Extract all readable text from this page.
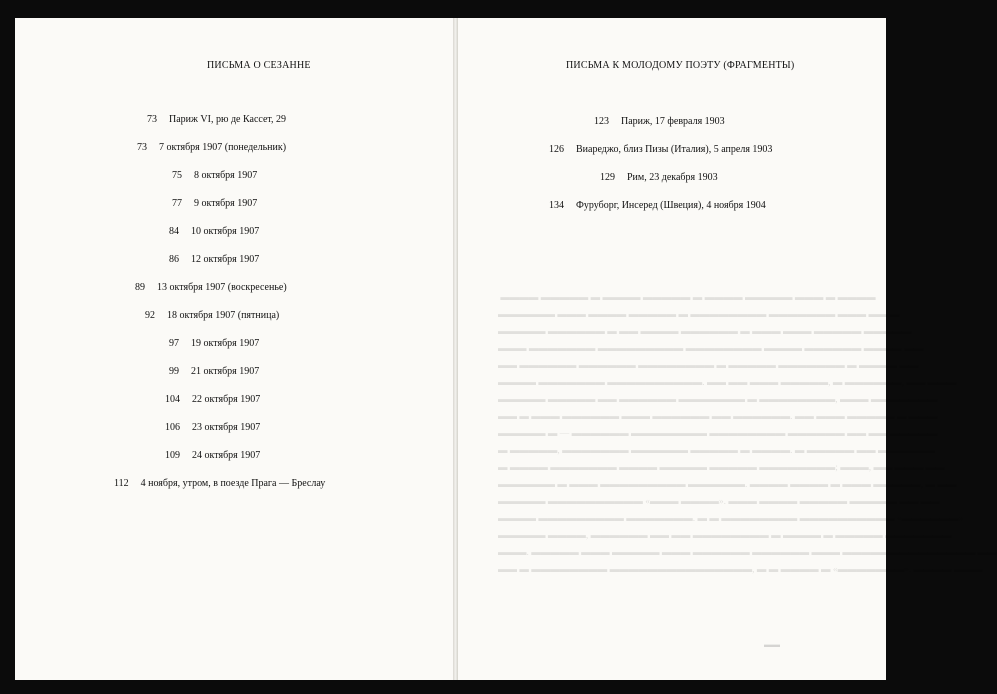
ПИСЬМА О СЕЗАННЕ
73 Париж VI, рю де Кассет, 29
73 7 октября 1907 (понедельник)
75 8 октября 1907
77 9 октября 1907
84 10 октября 1907
86 12 октября 1907
89 13 октября 1907 (воскресенье)
92 18 октября 1907 (пятница)
97 19 октября 1907
99 21 октября 1907
104 22 октября 1907
106 23 октября 1907
109 24 октября 1907
112 4 ноября, утром, в поезде Прага — Бреслау
ПИСЬМА К МОЛОДОМУ ПОЭТУ (ФРАГМЕНТЫ)
123 Париж, 17 февраля 1903
126 Виареджо, близ Пизы (Италия), 5 апреля 1903
129 Рим, 23 декабря 1903
134 Фуруборг, Инсеред (Швеция), 4 ноября 1904
▬▬▬▬ ▬▬▬▬▬ ▬ ▬▬▬▬ ▬▬▬▬▬ ▬ ▬▬▬▬ ▬▬▬▬▬ ▬▬▬ ▬ ▬▬▬▬
▬▬▬▬▬▬ ▬▬▬ ▬▬▬▬ ▬▬▬▬▬ ▬ ▬▬▬▬▬▬▬▬ ▬▬▬▬▬▬▬ ▬▬▬ ▬▬ ▬
▬▬▬▬▬ ▬▬▬▬▬▬ ▬ ▬▬ ▬▬▬▬ ▬▬▬▬▬▬ ▬ ▬▬▬ ▬▬▬ ▬▬▬▬▬ ▬▬▬▬▬
▬▬▬ ▬▬▬▬▬▬▬ ▬▬▬▬▬▬▬▬▬ ▬▬▬▬▬▬▬▬ ▬▬▬▬ ▬▬▬▬▬▬ ▬▬▬▬ ▬▬
▬▬ ▬▬▬▬▬▬ ▬▬▬▬▬▬ ▬▬▬▬▬▬▬▬ ▬ ▬▬▬▬▬ ▬▬▬▬▬▬▬ ▬ ▬▬▬▬ ▬▬
▬▬▬▬ ▬▬▬▬▬▬▬ ▬▬▬▬▬▬▬▬▬▬. ▬▬ ▬▬ ▬▬▬ ▬▬▬▬▬, ▬ ▬▬▬▬▬▬, ▬▬ ▬▬▬
▬▬▬▬▬ ▬▬▬▬▬ ▬▬ ▬▬▬▬▬▬ ▬▬▬▬▬▬▬ ▬ ▬▬▬▬▬▬▬▬, ▬▬▬ ▬▬▬▬▬▬▬
▬▬ ▬ ▬▬▬ ▬▬▬▬▬▬ ▬▬▬ ▬▬▬▬▬▬ ▬▬ ▬▬▬▬▬▬. ▬▬ ▬▬▬ ▬▬▬▬▬ ▬ ▬▬▬
▬▬▬▬▬ ▬ — ▬▬▬▬▬▬ ▬▬▬▬▬▬▬▬ ▬▬▬▬▬▬▬▬ ▬▬▬▬▬▬ ▬▬ ▬▬ ▬▬▬▬▬
▬ ▬▬▬▬▬, ▬▬▬▬▬▬▬ ▬▬▬▬▬▬ ▬▬▬▬▬ ▬ ▬▬▬▬. ▬ ▬▬▬▬▬ ▬▬ ▬▬▬▬▬▬
▬ ▬▬▬▬ ▬▬▬▬▬▬▬ ▬▬▬▬ ▬▬▬▬▬ ▬▬▬▬▬ ▬▬▬▬▬▬▬▬; ▬▬▬, ▬▬ ▬▬▬ ▬▬
▬▬▬▬▬▬ ▬ ▬▬▬ ▬▬▬▬▬▬▬▬▬ ▬▬▬▬▬▬. ▬▬▬▬ ▬▬▬▬ ▬ ▬▬▬ ▬▬▬▬▬, ▬ ▬▬
▬▬▬▬▬ ▬▬▬▬▬▬▬▬▬▬ «▬▬▬ ▬▬▬▬». ▬▬▬ ▬▬▬▬ ▬▬▬▬▬ ▬▬▬▬▬ ▬▬ ▬▬
▬▬▬▬ ▬▬▬▬▬▬▬▬▬ ▬▬▬▬▬▬▬. ▬ ▬ ▬▬▬▬▬▬▬▬ ▬▬▬▬▬▬▬▬▬▬ «▬▬▬▬▬▬»
▬▬▬▬▬ ▬▬▬▬, ▬▬▬▬▬▬ ▬▬ ▬▬ ▬▬▬▬▬▬▬▬ ▬ ▬▬▬▬ ▬ ▬▬▬▬▬ ▬▬▬▬▬▬▬
▬▬▬. ▬▬▬▬▬ ▬▬▬ ▬▬▬▬▬ ▬▬▬ ▬▬▬▬▬▬ ▬▬▬▬▬▬ ▬▬▬ ▬▬▬▬▬▬▬▬▬▬▬▬▬▬ ▬▬
▬▬ ▬ ▬▬▬▬▬▬▬▬ ▬▬▬▬▬▬▬▬▬▬▬▬▬▬▬, ▬ ▬ ▬▬▬▬ ▬ «▬▬▬▬▬▬▬». ▬▬▬▬ ▬▬▬
▬▬
